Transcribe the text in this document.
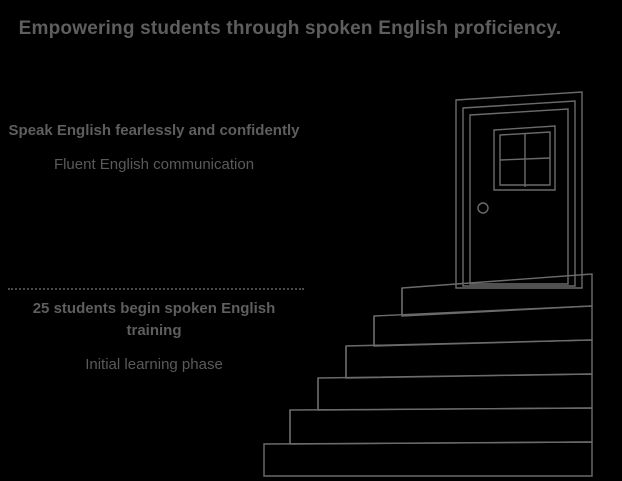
Empowering students through spoken English proficiency.
Speak English fearlessly and confidently
Fluent English communication
25 students begin spoken English training
Initial learning phase
